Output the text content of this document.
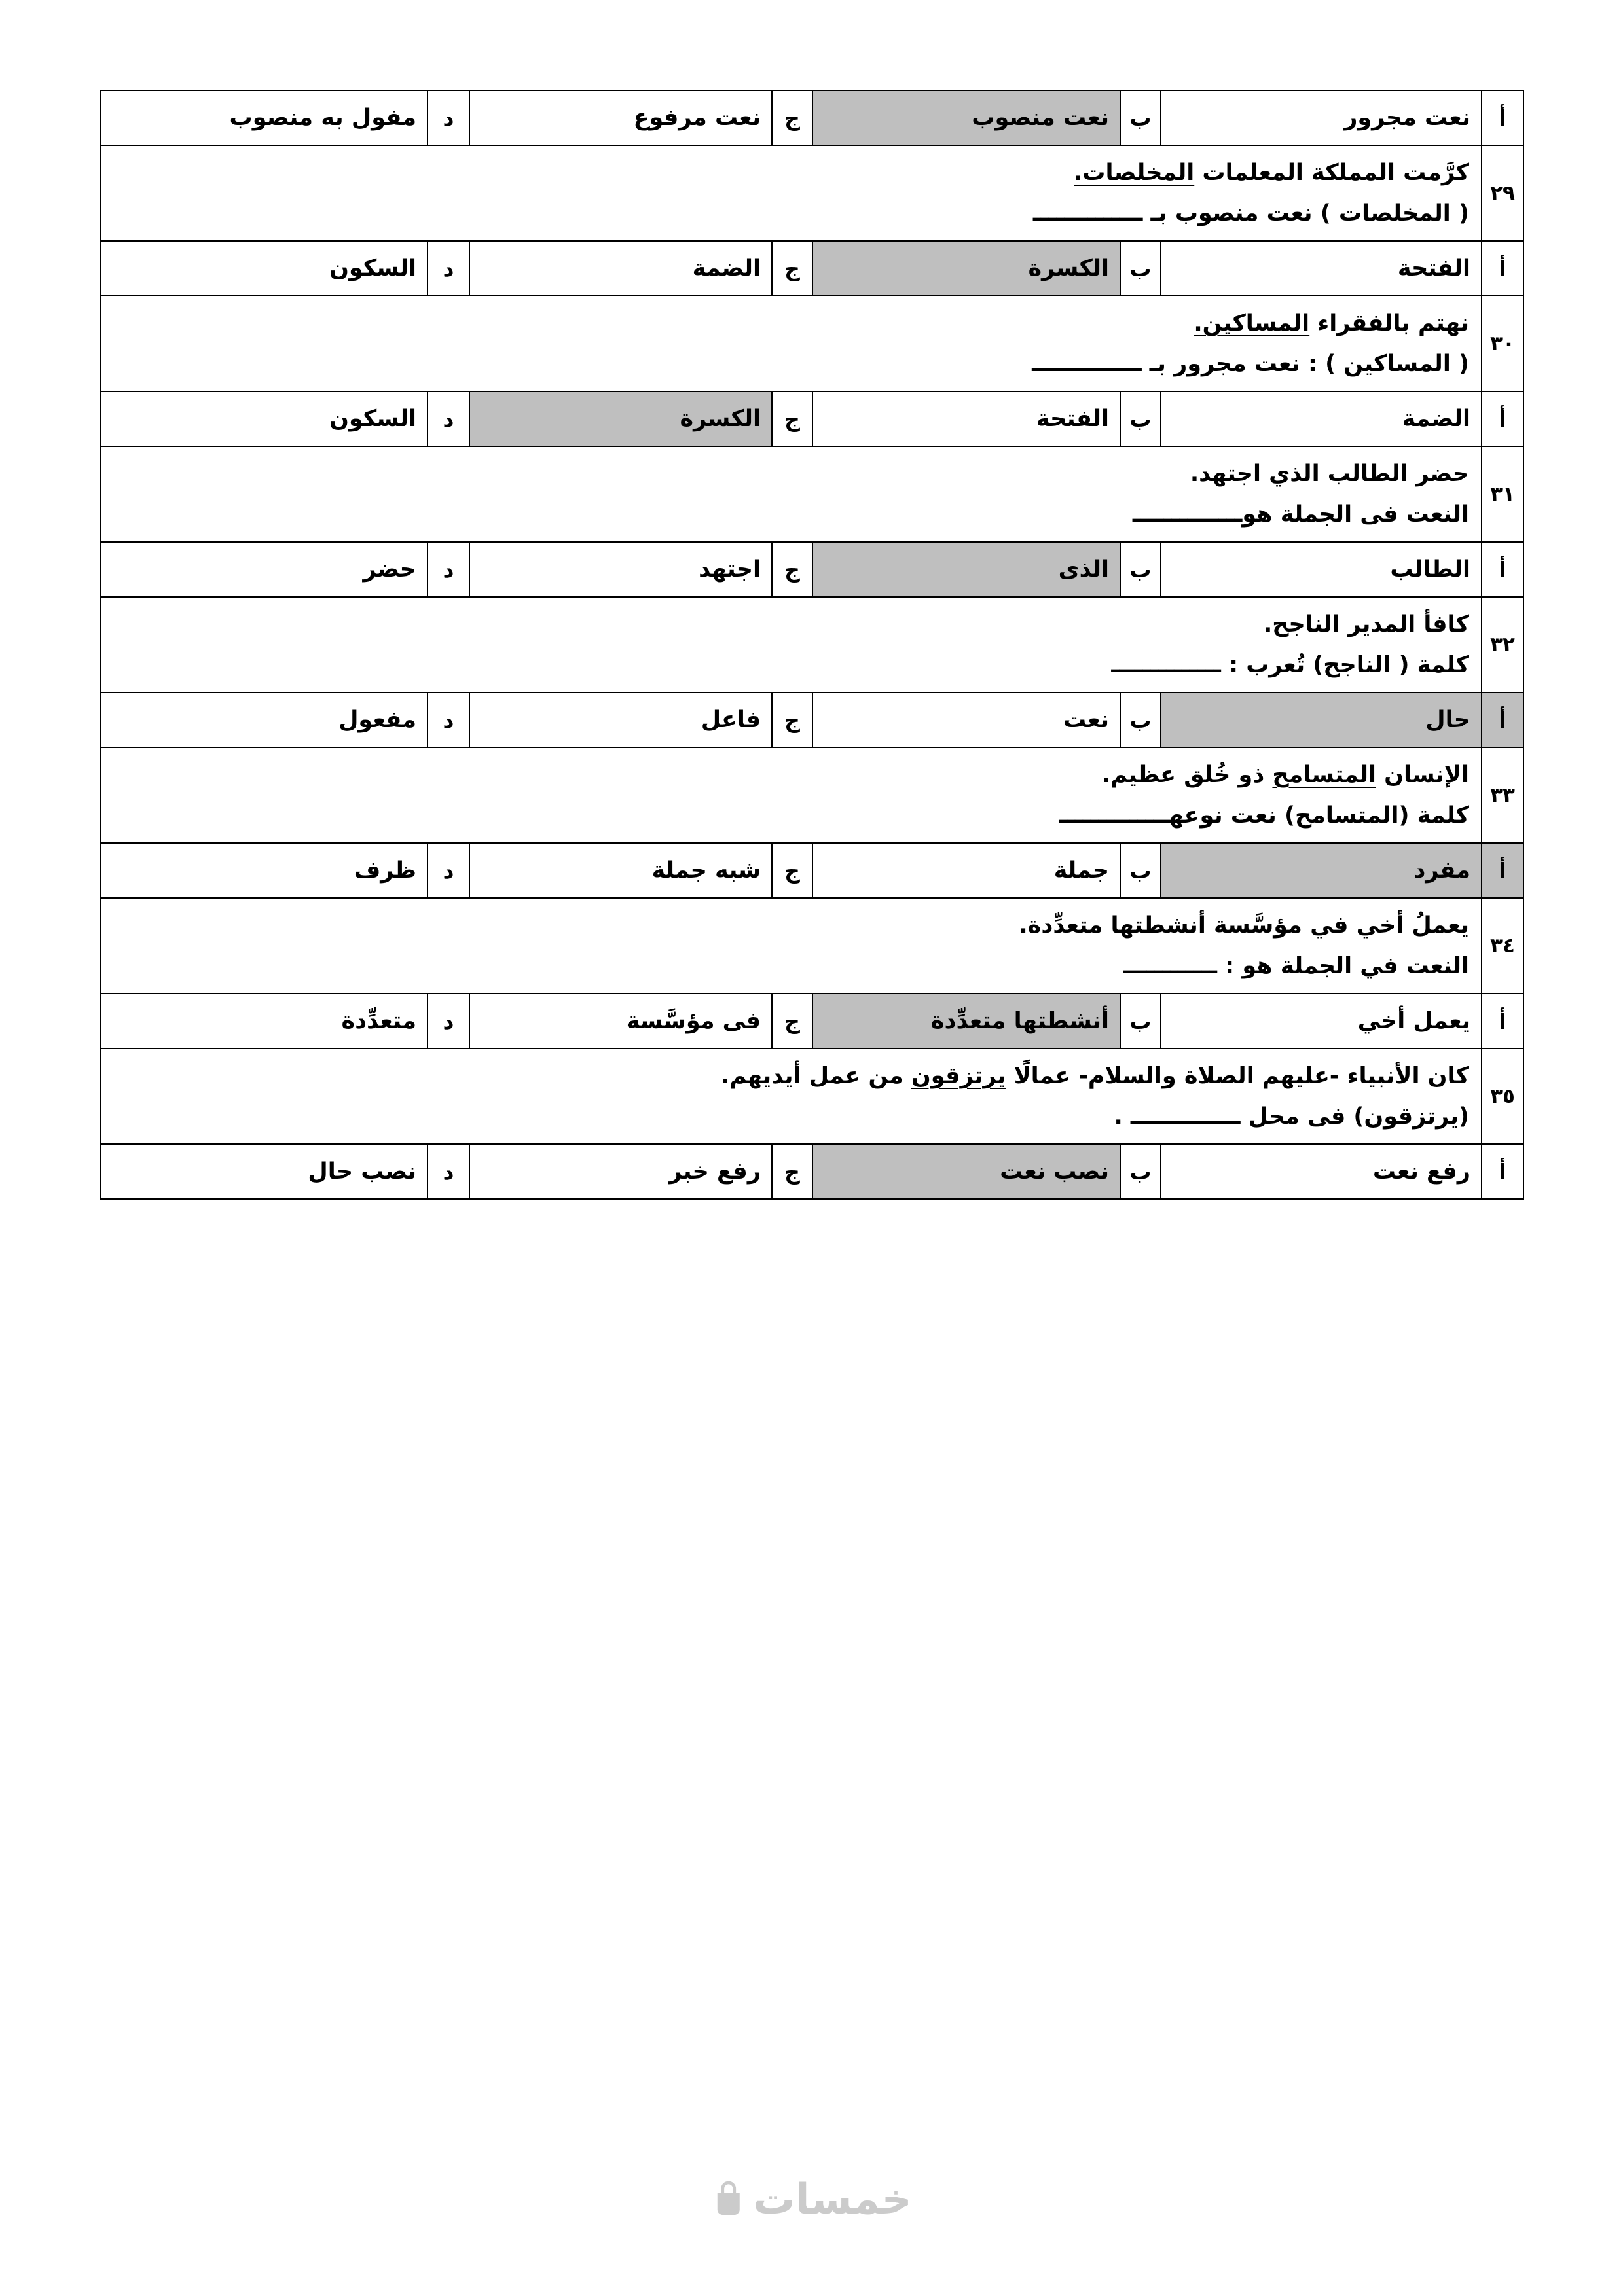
أ	نعت مجرور	ب	نعت منصوب	ج	نعت مرفوع	د	مفول به منصوب
٢٩	كرَّمت المملكة المعلمات المخلصات.
( المخلصات ) نعت منصوب بـ ــــــــــــــ						

أ	الفتحة	ب	الكسرة	ج	الضمة	د	السكون
٣٠	نهتم بالفقراء المساكين.
( المساكين ) : نعت مجرور بـ ــــــــــــــ						

أ	الضمة	ب	الفتحة	ج	الكسرة	د	السكون
٣١	حضر الطالب الذي اجتهد.
النعت فى الجملة هوــــــــــــــ						

أ	الطالب	ب	الذى	ج	اجتهد	د	حضر
٣٢	كافأ المدير الناجح.
كلمة ( الناجح) تُعرب : ــــــــــــــ						

أ	حال	ب	نعت	ج	فاعل	د	مفعول
٣٣	الإنسان المتسامح ذو خُلق عظيم.
كلمة (المتسامح) نعت نوعهــــــــــــــ						

أ	مفرد	ب	جملة	ج	شبه جملة	د	ظرف
٣٤	يعملُ أخي في مؤسَّسة أنشطتها متعدِّدة.
النعت في الجملة هو : ــــــــــــ						

أ	يعمل أخي	ب	أنشطتها متعدِّدة	ج	فى مؤسَّسة	د	متعدِّدة
٣٥	كان الأنبياء -عليهم الصلاة والسلام- عمالًا يرتزقون من عمل أيديهم.
(يرتزقون) فى محل ــــــــــــــ .						

أ	رفع نعت	ب	نصب نعت	ج	رفع خبر	د	نصب حال
خمسات
